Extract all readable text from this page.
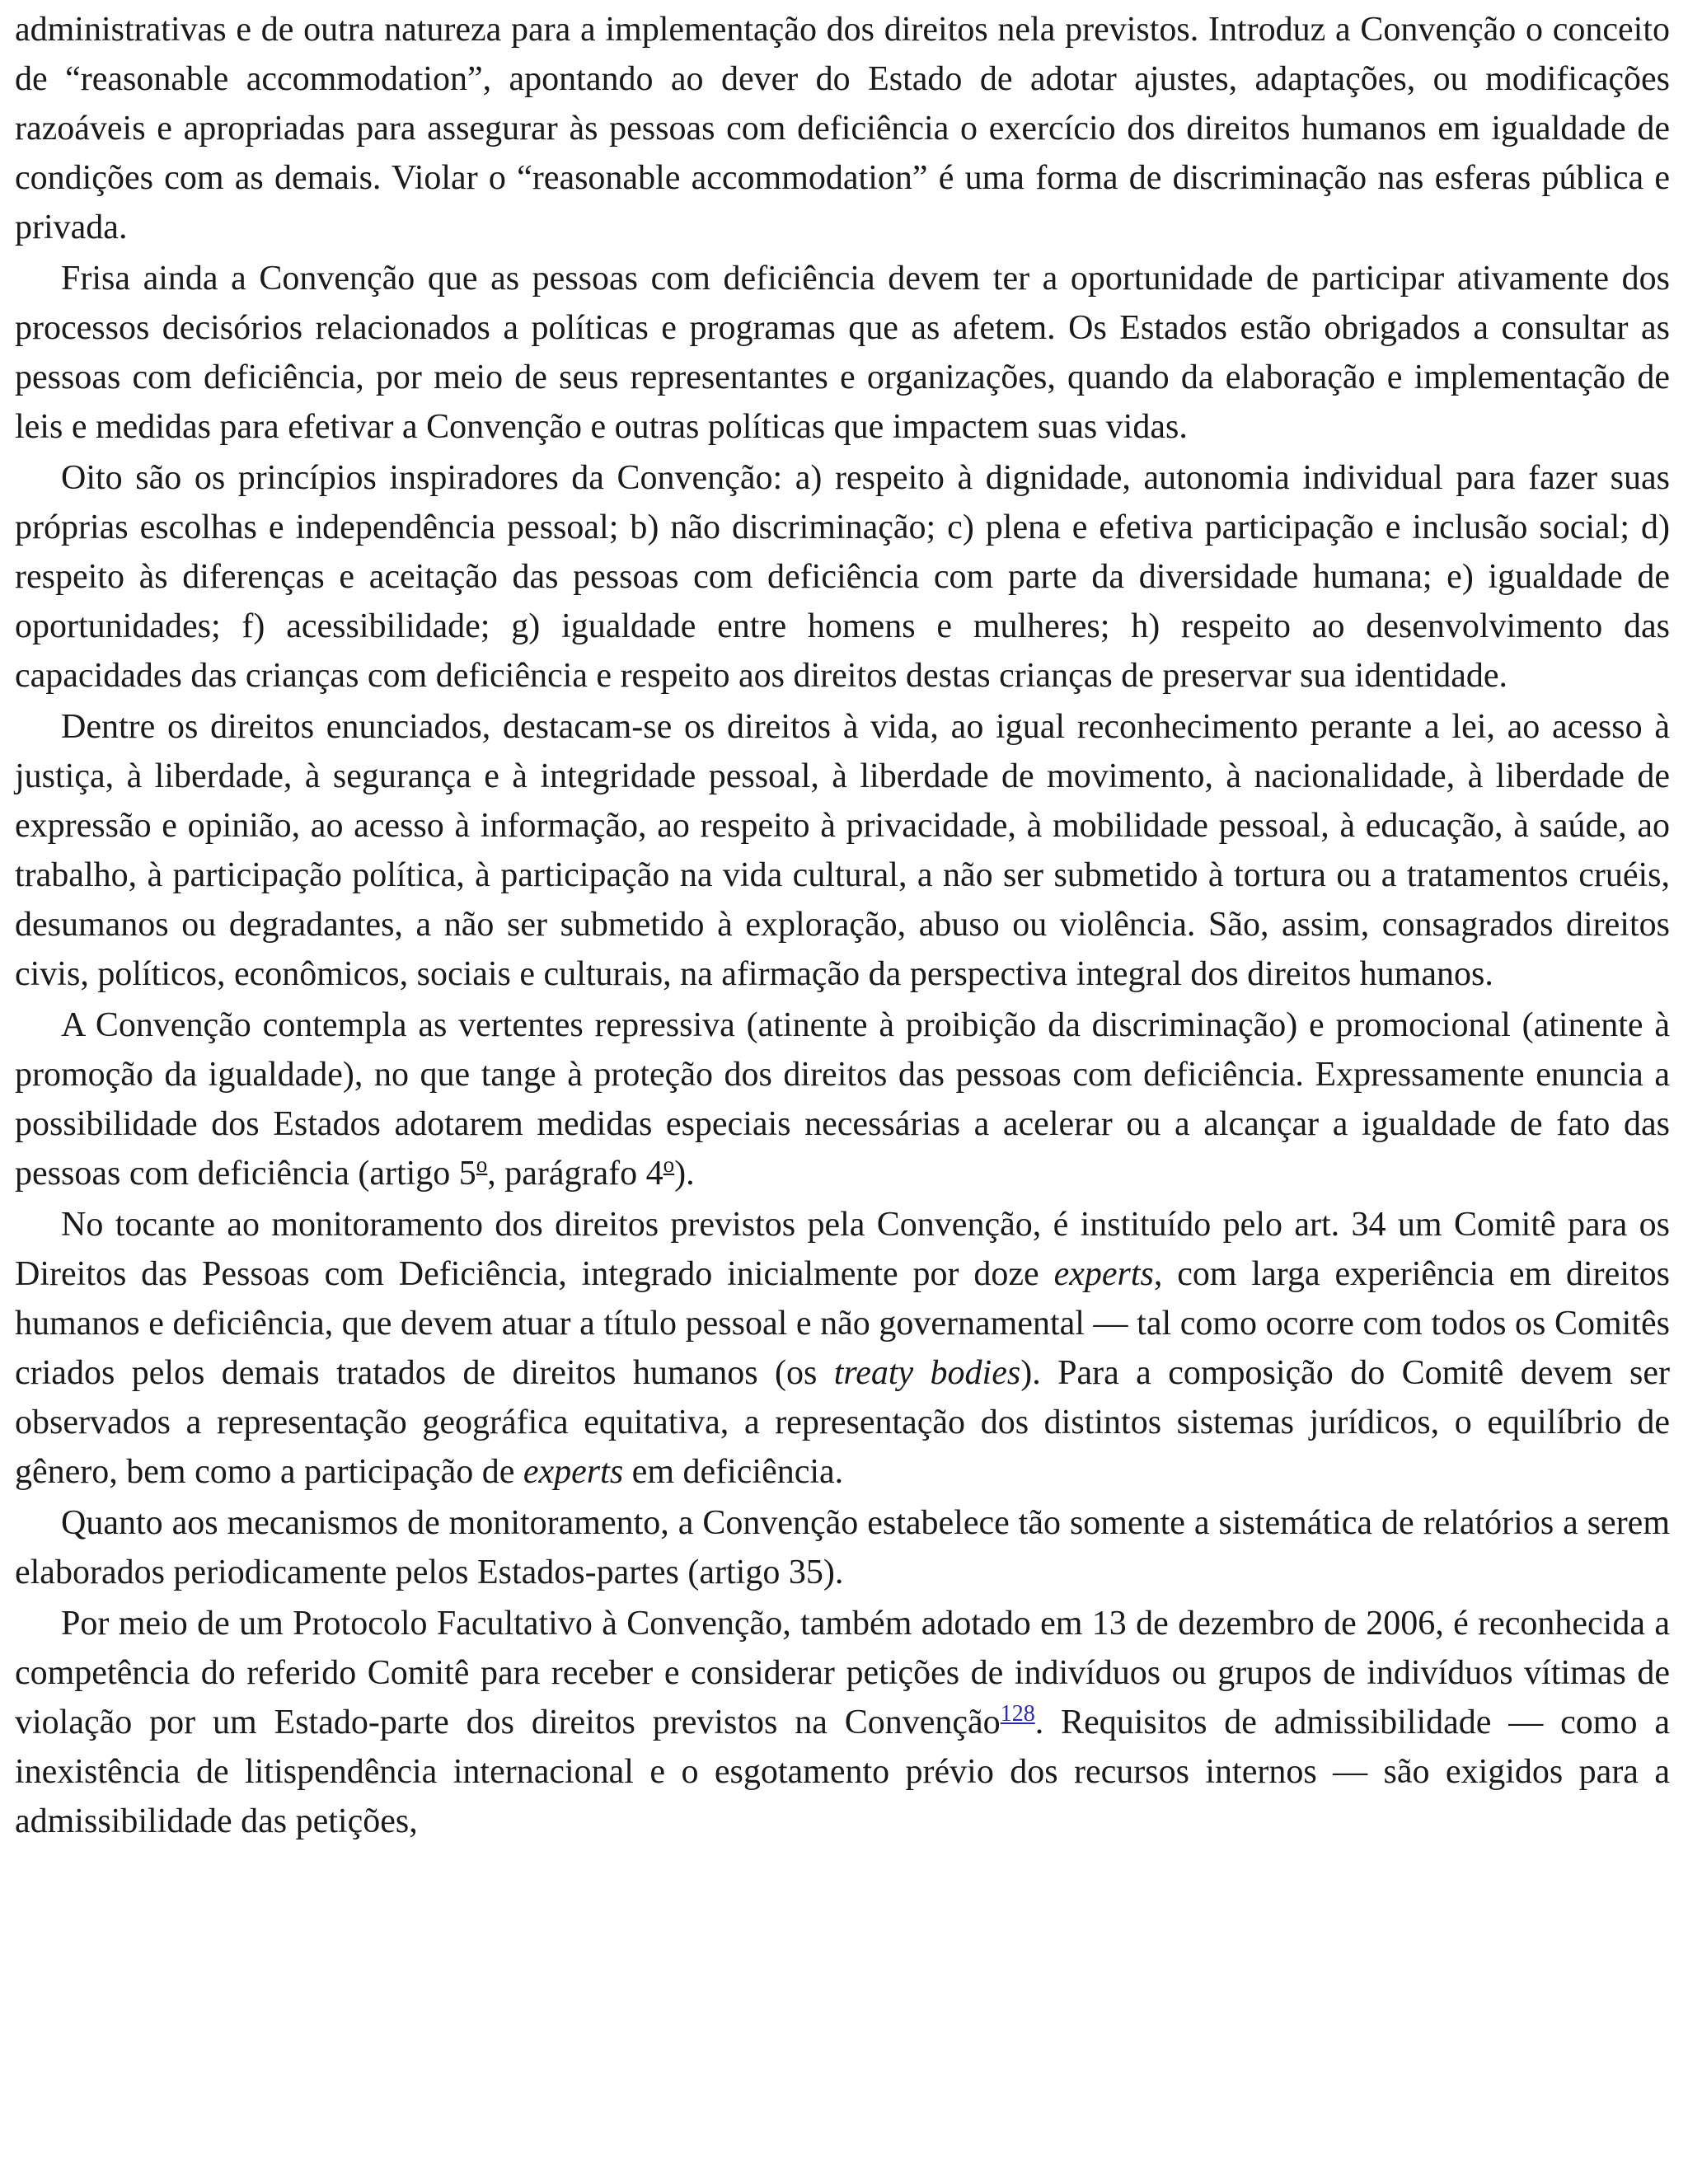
administrativas e de outra natureza para a implementação dos direitos nela previstos. Introduz a Convenção o conceito de “reasonable accommodation”, apontando ao dever do Estado de adotar ajustes, adaptações, ou modificações razoáveis e apropriadas para assegurar às pessoas com deficiência o exercício dos direitos humanos em igualdade de condições com as demais. Violar o “reasonable accommodation” é uma forma de discriminação nas esferas pública e privada.

Frisa ainda a Convenção que as pessoas com deficiência devem ter a oportunidade de participar ativamente dos processos decisórios relacionados a políticas e programas que as afetem. Os Estados estão obrigados a consultar as pessoas com deficiência, por meio de seus representantes e organizações, quando da elaboração e implementação de leis e medidas para efetivar a Convenção e outras políticas que impactem suas vidas.

Oito são os princípios inspiradores da Convenção: a) respeito à dignidade, autonomia individual para fazer suas próprias escolhas e independência pessoal; b) não discriminação; c) plena e efetiva participação e inclusão social; d) respeito às diferenças e aceitação das pessoas com deficiência com parte da diversidade humana; e) igualdade de oportunidades; f) acessibilidade; g) igualdade entre homens e mulheres; h) respeito ao desenvolvimento das capacidades das crianças com deficiência e respeito aos direitos destas crianças de preservar sua identidade.

Dentre os direitos enunciados, destacam-se os direitos à vida, ao igual reconhecimento perante a lei, ao acesso à justiça, à liberdade, à segurança e à integridade pessoal, à liberdade de movimento, à nacionalidade, à liberdade de expressão e opinião, ao acesso à informação, ao respeito à privacidade, à mobilidade pessoal, à educação, à saúde, ao trabalho, à participação política, à participação na vida cultural, a não ser submetido à tortura ou a tratamentos cruéis, desumanos ou degradantes, a não ser submetido à exploração, abuso ou violência. São, assim, consagrados direitos civis, políticos, econômicos, sociais e culturais, na afirmação da perspectiva integral dos direitos humanos.

A Convenção contempla as vertentes repressiva (atinente à proibição da discriminação) e promocional (atinente à promoção da igualdade), no que tange à proteção dos direitos das pessoas com deficiência. Expressamente enuncia a possibilidade dos Estados adotarem medidas especiais necessárias a acelerar ou a alcançar a igualdade de fato das pessoas com deficiência (artigo 5$^o$, parágrafo 4$^o$).

No tocante ao monitoramento dos direitos previstos pela Convenção, é instituído pelo art. 34 um Comitê para os Direitos das Pessoas com Deficiência, integrado inicialmente por doze experts, com larga experiência em direitos humanos e deficiência, que devem atuar a título pessoal e não governamental — tal como ocorre com todos os Comitês criados pelos demais tratados de direitos humanos (os treaty bodies). Para a composição do Comitê devem ser observados a representação geográfica equitativa, a representação dos distintos sistemas jurídicos, o equilíbrio de gênero, bem como a participação de experts em deficiência.

Quanto aos mecanismos de monitoramento, a Convenção estabelece tão somente a sistemática de relatórios a serem elaborados periodicamente pelos Estados-partes (artigo 35).

Por meio de um Protocolo Facultativo à Convenção, também adotado em 13 de dezembro de 2006, é reconhecida a competência do referido Comitê para receber e considerar petições de indivíduos ou grupos de indivíduos vítimas de violação por um Estado-parte dos direitos previstos na Convenção$^{128}$. Requisitos de admissibilidade — como a inexistência de litispendência internacional e o esgotamento prévio dos recursos internos — são exigidos para a admissibilidade das petições,
